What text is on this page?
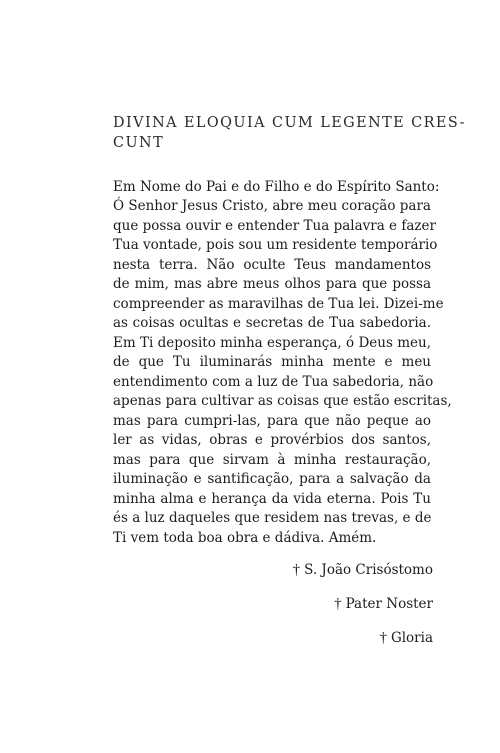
DIVINA ELOQUIA CUM LEGENTE CRES-
CUNT

Em Nome do Pai e do Filho e do Espírito Santo:

Ó Senhor Jesus Cristo, abre meu coração para
que possa ouvir e entender Tua palavra e fazer
Tua vontade, pois sou um residente temporário
nesta terra. Não oculte Teus mandamentos
de mim, mas abre meus olhos para que possa
compreender as maravilhas de Tua lei. Dizei-me
as coisas ocultas e secretas de Tua sabedoria.
Em Ti deposito minha esperança, ó Deus meu,
de que Tu iluminarás minha mente e meu
entendimento com a luz de Tua sabedoria, não
apenas para cultivar as coisas que estão escritas,
mas para cumpri-las, para que não peque ao
ler as vidas, obras e provérbios dos santos,
mas para que sirvam à minha restauração,
iluminação e santificação, para a salvação da
minha alma e herança da vida eterna. Pois Tu
és a luz daqueles que residem nas trevas, e de
Ti vem toda boa obra e dádiva. Amém.

† S. João Crisóstomo
† Pater Noster
† Gloria
